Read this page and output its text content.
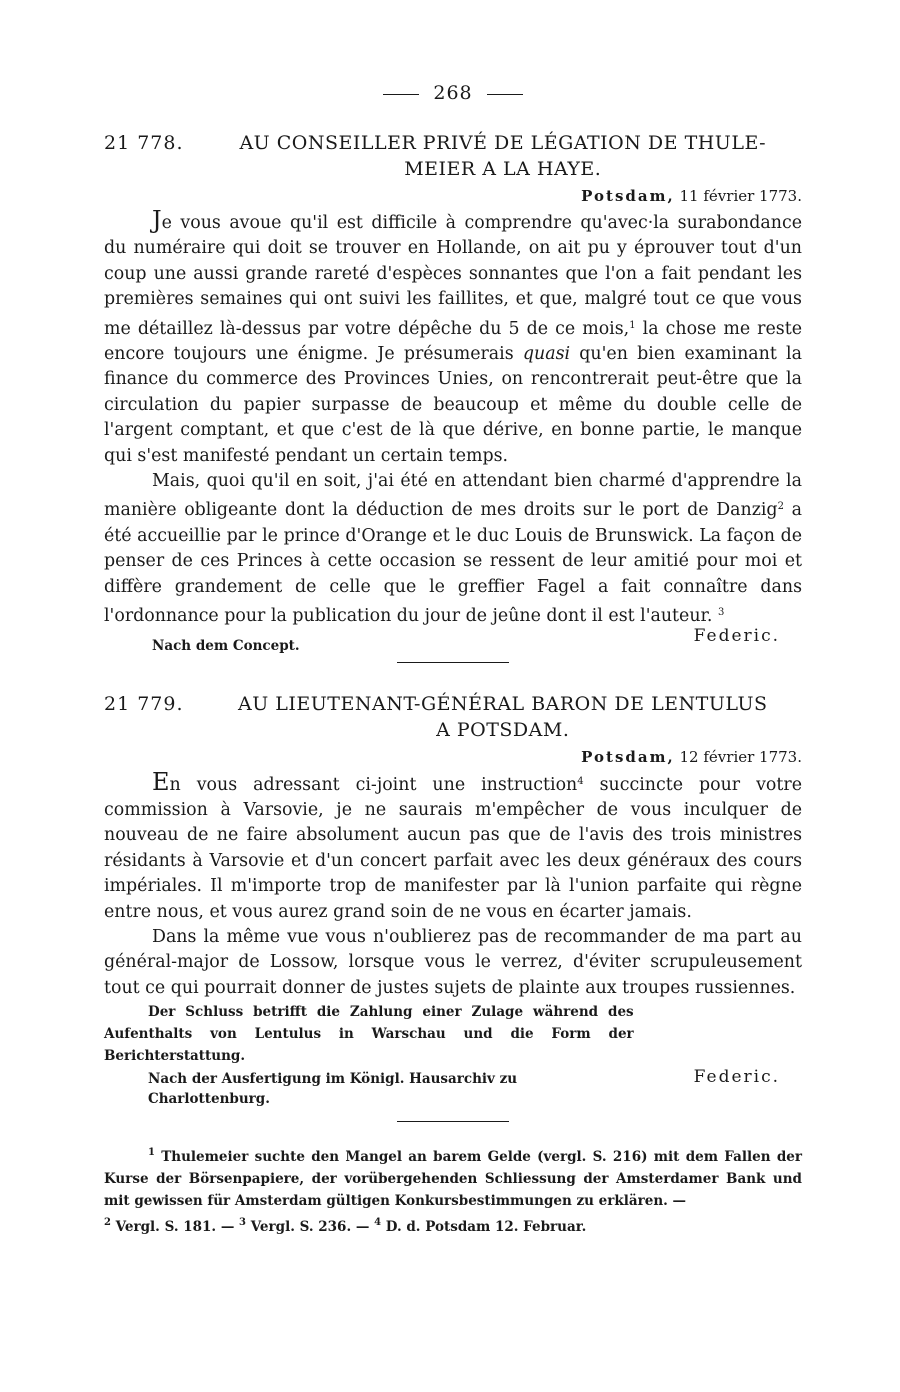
268
21 778.	AU CONSEILLER PRIVÉ DE LÉGATION DE THULE-
MEIER A LA HAYE.
Potsdam, 11 février 1773.

Je vous avoue qu'il est difficile à comprendre qu'avec·la surabondance du numéraire qui doit se trouver en Hollande, on ait pu y éprouver tout d'un coup une aussi grande rareté d'espèces sonnantes que l'on a fait pendant les premières semaines qui ont suivi les faillites, et que, malgré tout ce que vous me détaillez là-dessus par votre dépêche du 5 de ce mois,$^1$ la chose me reste encore toujours une énigme. Je présumerais quasi qu'en bien examinant la finance du commerce des Provinces Unies, on rencontrerait peut-être que la circulation du papier surpasse de beaucoup et même du double celle de l'argent comptant, et que c'est de là que dérive, en bonne partie, le manque qui s'est manifesté pendant un certain temps.

Mais, quoi qu'il en soit, j'ai été en attendant bien charmé d'apprendre la manière obligeante dont la déduction de mes droits sur le port de Danzig$^2$ a été accueillie par le prince d'Orange et le duc Louis de Brunswick. La façon de penser de ces Princes à cette occasion se ressent de leur amitié pour moi et diffère grandement de celle que le greffier Fagel a fait connaître dans l'ordonnance pour la publication du jour de jeûne dont il est l'auteur. $^3$

Nach dem Concept.	Federic.
21 779.	AU LIEUTENANT-GÉNÉRAL BARON DE LENTULUS
A POTSDAM.
Potsdam, 12 février 1773.

En vous adressant ci-joint une instruction$^4$ succincte pour votre commission à Varsovie, je ne saurais m'empêcher de vous inculquer de nouveau de ne faire absolument aucun pas que de l'avis des trois ministres résidants à Varsovie et d'un concert parfait avec les deux généraux des cours impériales. Il m'importe trop de manifester par là l'union parfaite qui règne entre nous, et vous aurez grand soin de ne vous en écarter jamais.

Dans la même vue vous n'oublierez pas de recommander de ma part au général-major de Lossow, lorsque vous le verrez, d'éviter scrupuleusement tout ce qui pourrait donner de justes sujets de plainte aux troupes russiennes.

Der Schluss betrifft die Zahlung einer Zulage während des Aufenthalts von Lentulus in Warschau und die Form der Berichterstattung.
Nach der Ausfertigung im Königl. Hausarchiv zu Charlottenburg.
Federic.
$^1$ Thulemeier suchte den Mangel an barem Gelde (vergl. S. 216) mit dem Fallen der Kurse der Börsenpapiere, der vorübergehenden Schliessung der Amsterdamer Bank und mit gewissen für Amsterdam gültigen Konkursbestimmungen zu erklären. —
$^2$ Vergl. S. 181. — $^3$ Vergl. S. 236. — $^4$ D. d. Potsdam 12. Februar.
